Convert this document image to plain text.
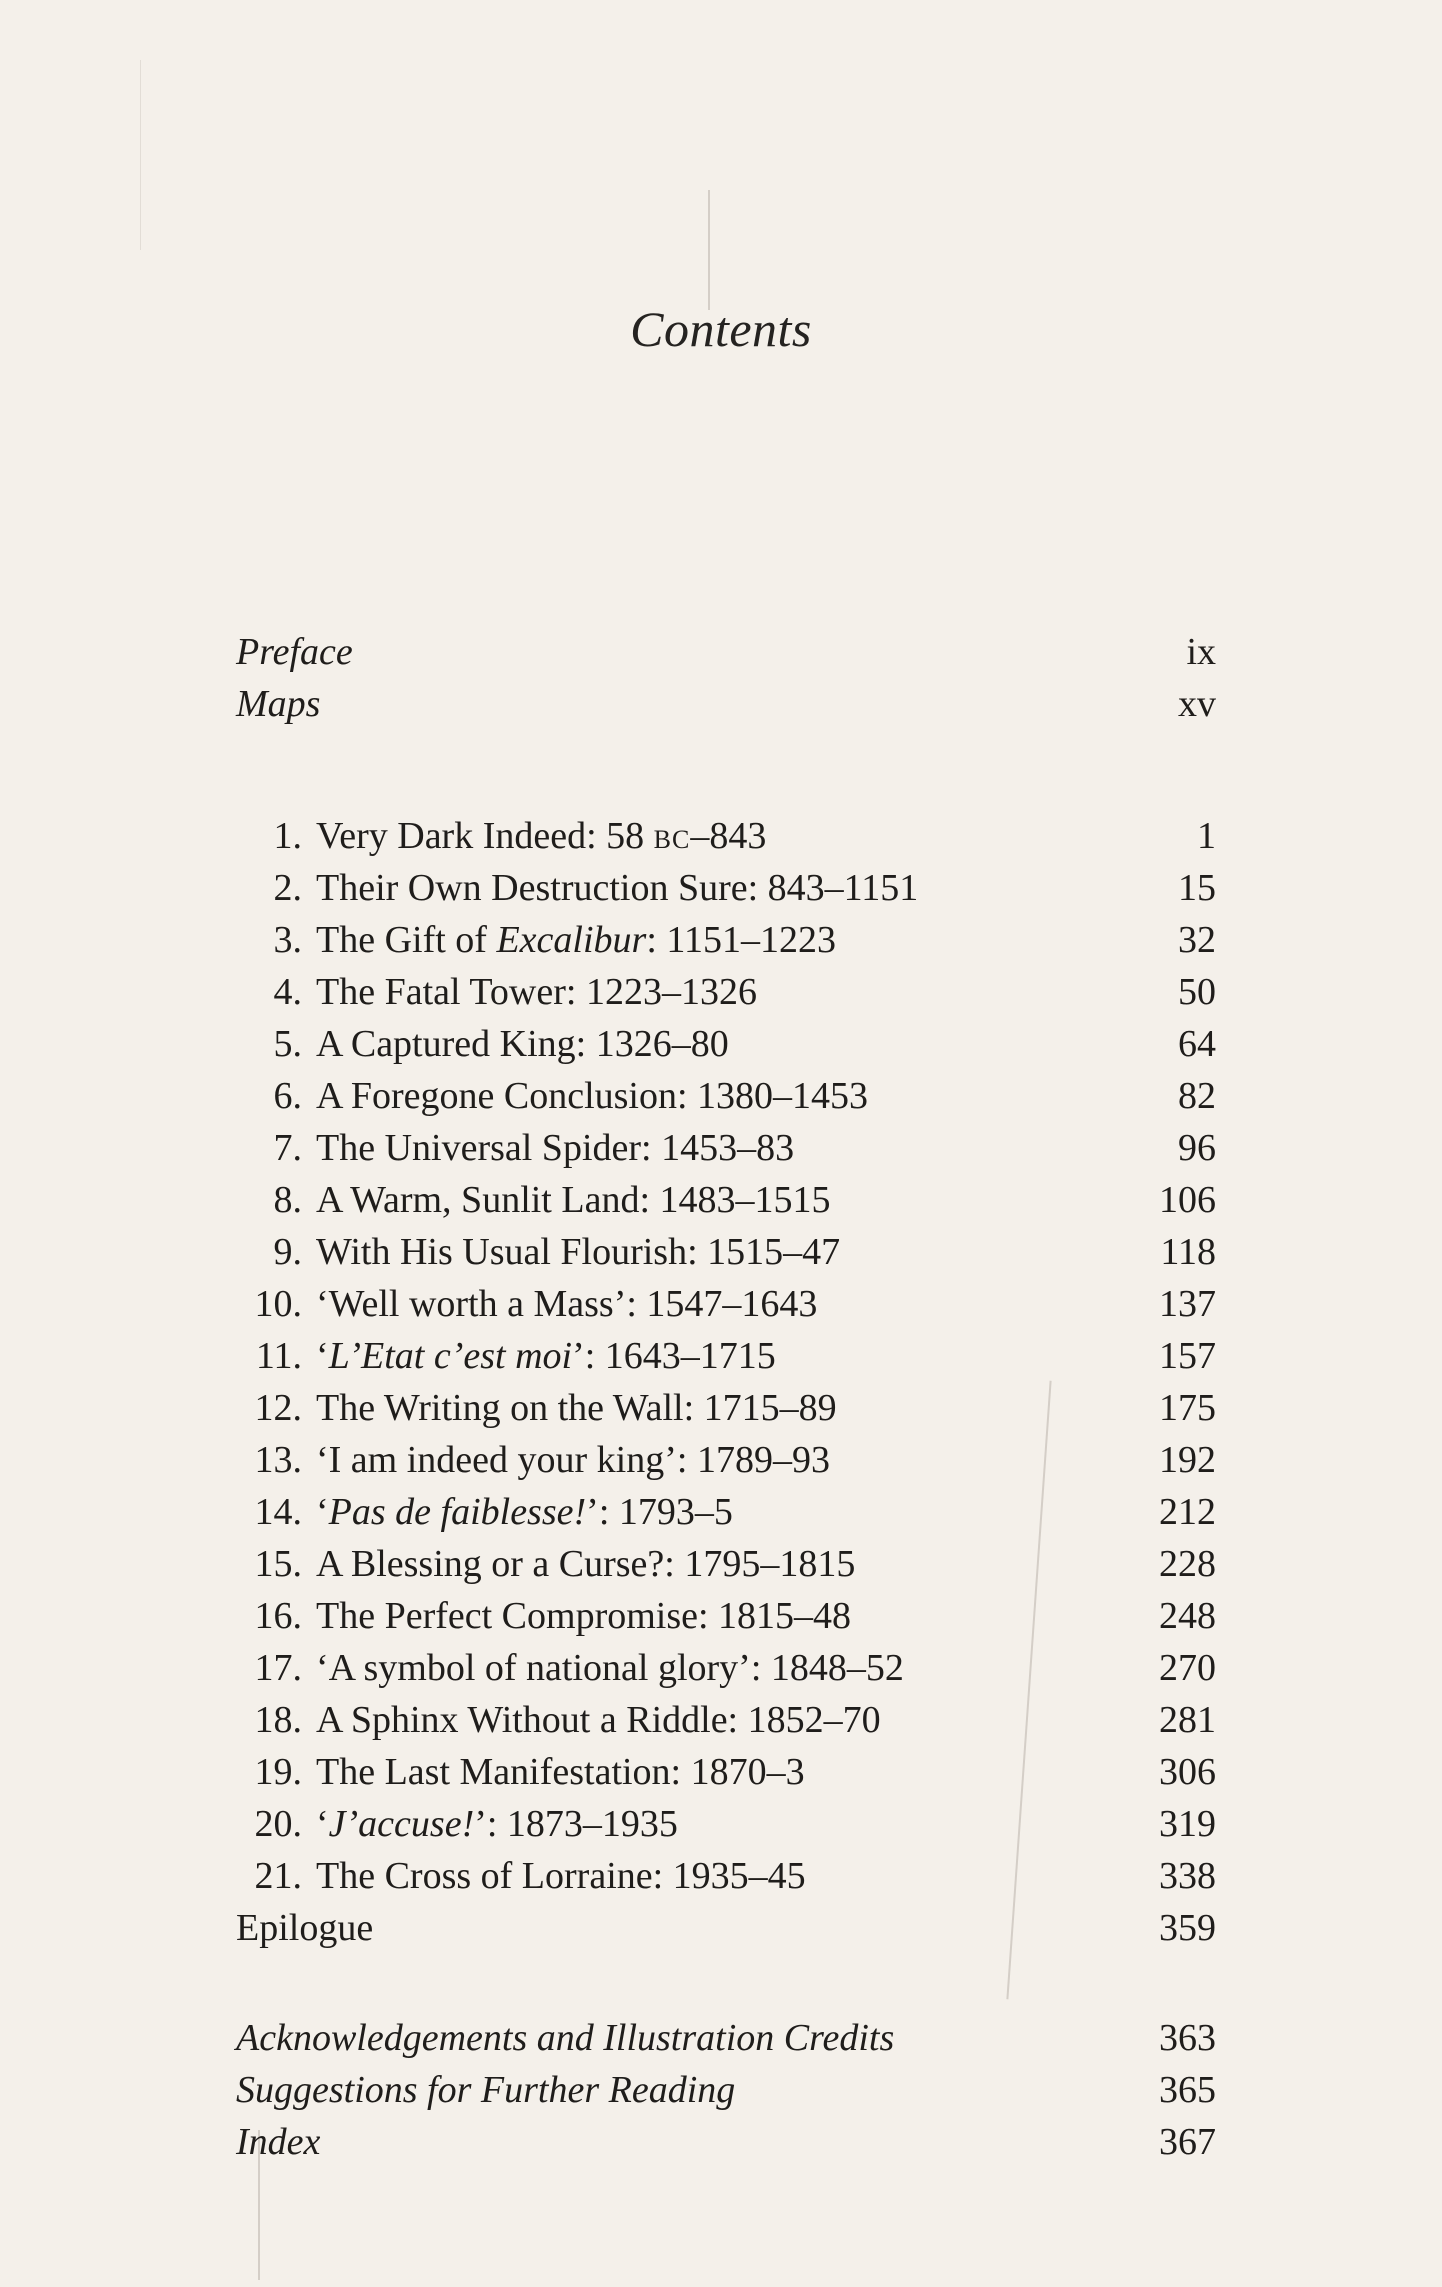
Contents
Preface	ix
Maps	xv
1. Very Dark Indeed: 58 BC–843	1
2. Their Own Destruction Sure: 843–1151	15
3. The Gift of Excalibur: 1151–1223	32
4. The Fatal Tower: 1223–1326	50
5. A Captured King: 1326–80	64
6. A Foregone Conclusion: 1380–1453	82
7. The Universal Spider: 1453–83	96
8. A Warm, Sunlit Land: 1483–1515	106
9. With His Usual Flourish: 1515–47	118
10. ‘Well worth a Mass’: 1547–1643	137
11. ‘L’Etat c’est moi’: 1643–1715	157
12. The Writing on the Wall: 1715–89	175
13. ‘I am indeed your king’: 1789–93	192
14. ‘Pas de faiblesse!’: 1793–5	212
15. A Blessing or a Curse?: 1795–1815	228
16. The Perfect Compromise: 1815–48	248
17. ‘A symbol of national glory’: 1848–52	270
18. A Sphinx Without a Riddle: 1852–70	281
19. The Last Manifestation: 1870–3	306
20. ‘J’accuse!’: 1873–1935	319
21. The Cross of Lorraine: 1935–45	338
Epilogue	359
Acknowledgements and Illustration Credits	363
Suggestions for Further Reading	365
Index	367
